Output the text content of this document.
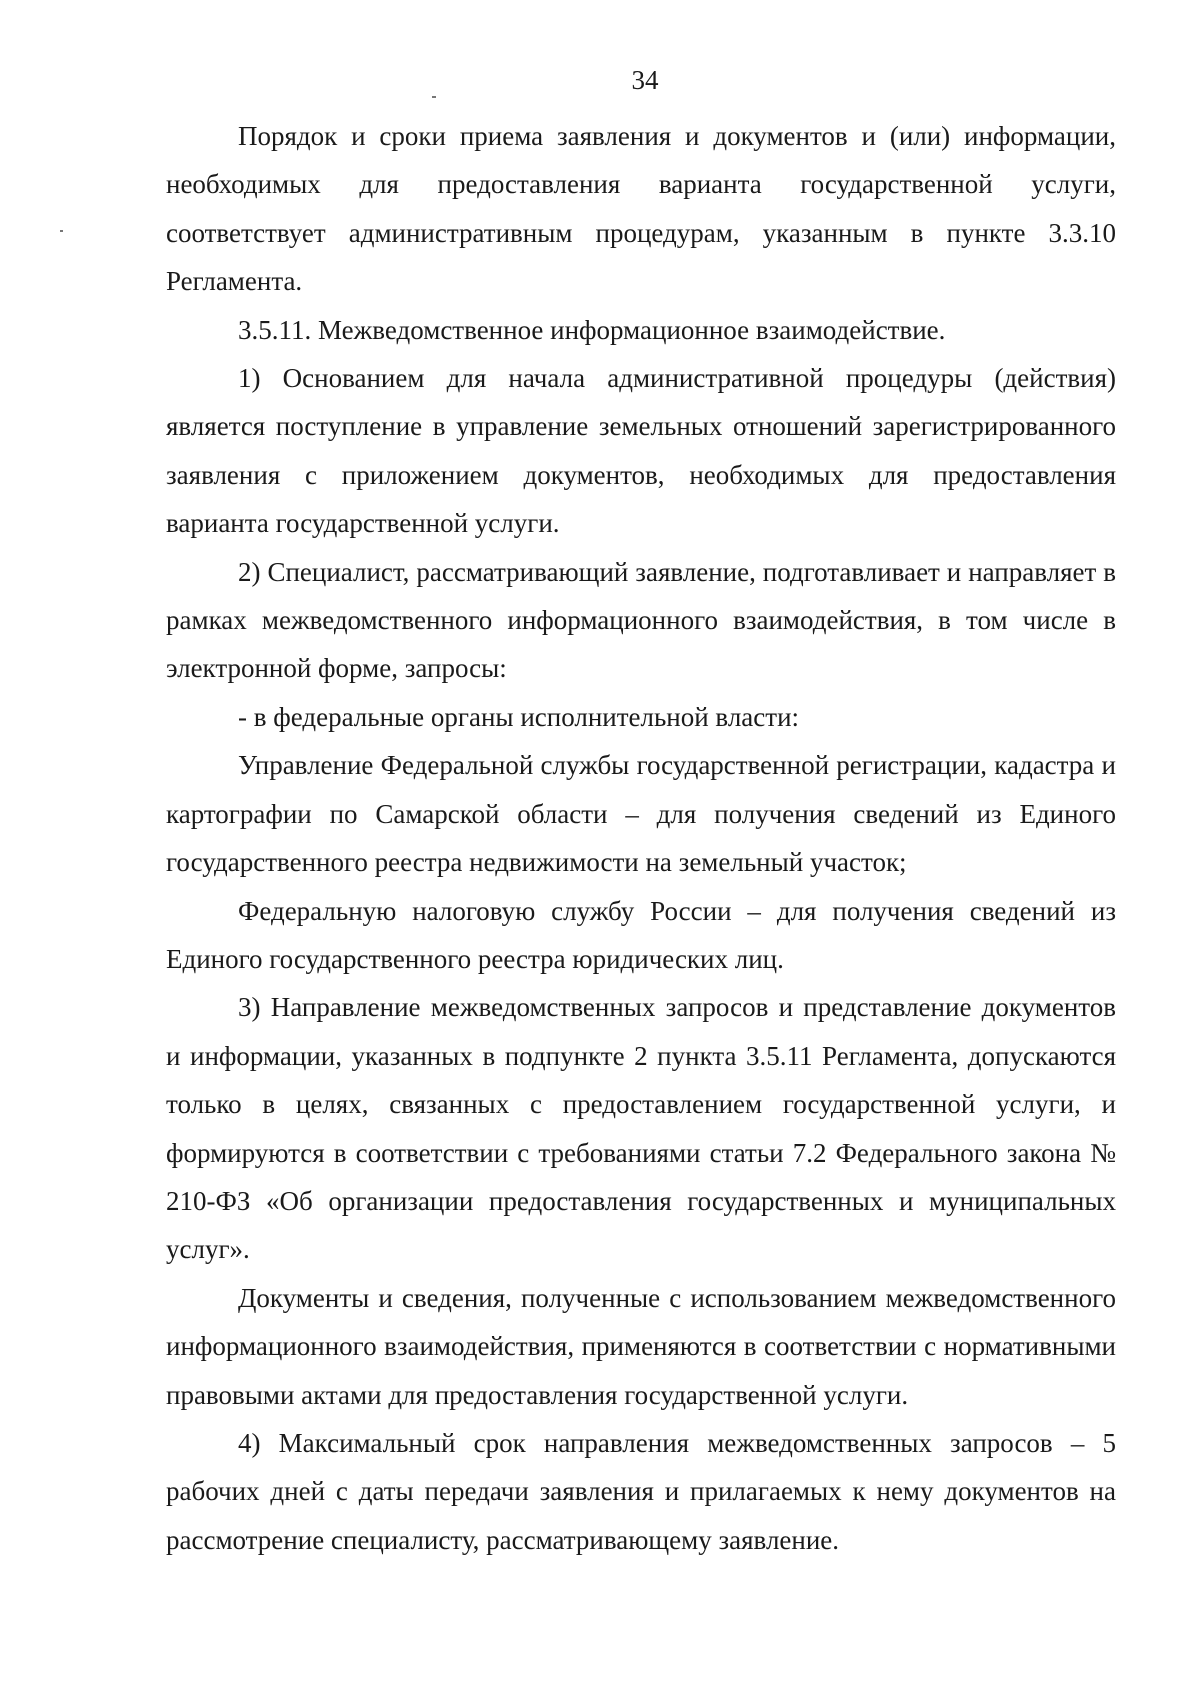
34

Порядок и сроки приема заявления и документов и (или) информации, необходимых для предоставления варианта государственной услуги, соответствует административным процедурам, указанным в пункте 3.3.10 Регламента.

3.5.11. Межведомственное информационное взаимодействие.

1) Основанием для начала административной процедуры (действия) является поступление в управление земельных отношений зарегистрированного заявления с приложением документов, необходимых для предоставления варианта государственной услуги.

2) Специалист, рассматривающий заявление, подготавливает и направляет в рамках межведомственного информационного взаимодействия, в том числе в электронной форме, запросы:

- в федеральные органы исполнительной власти:

Управление Федеральной службы государственной регистрации, кадастра и картографии по Самарской области – для получения сведений из Единого государственного реестра недвижимости на земельный участок;

Федеральную налоговую службу России – для получения сведений из Единого государственного реестра юридических лиц.

3) Направление межведомственных запросов и представление документов и информации, указанных в подпункте 2 пункта 3.5.11 Регламента, допускаются только в целях, связанных с предоставлением государственной услуги, и формируются в соответствии с требованиями статьи 7.2 Федерального закона № 210-ФЗ «Об организации предоставления государственных и муниципальных услуг».

Документы и сведения, полученные с использованием межведомственного информационного взаимодействия, применяются в соответствии с нормативными правовыми актами для предоставления государственной услуги.

4) Максимальный срок направления межведомственных запросов – 5 рабочих дней с даты передачи заявления и прилагаемых к нему документов на рассмотрение специалисту, рассматривающему заявление.
